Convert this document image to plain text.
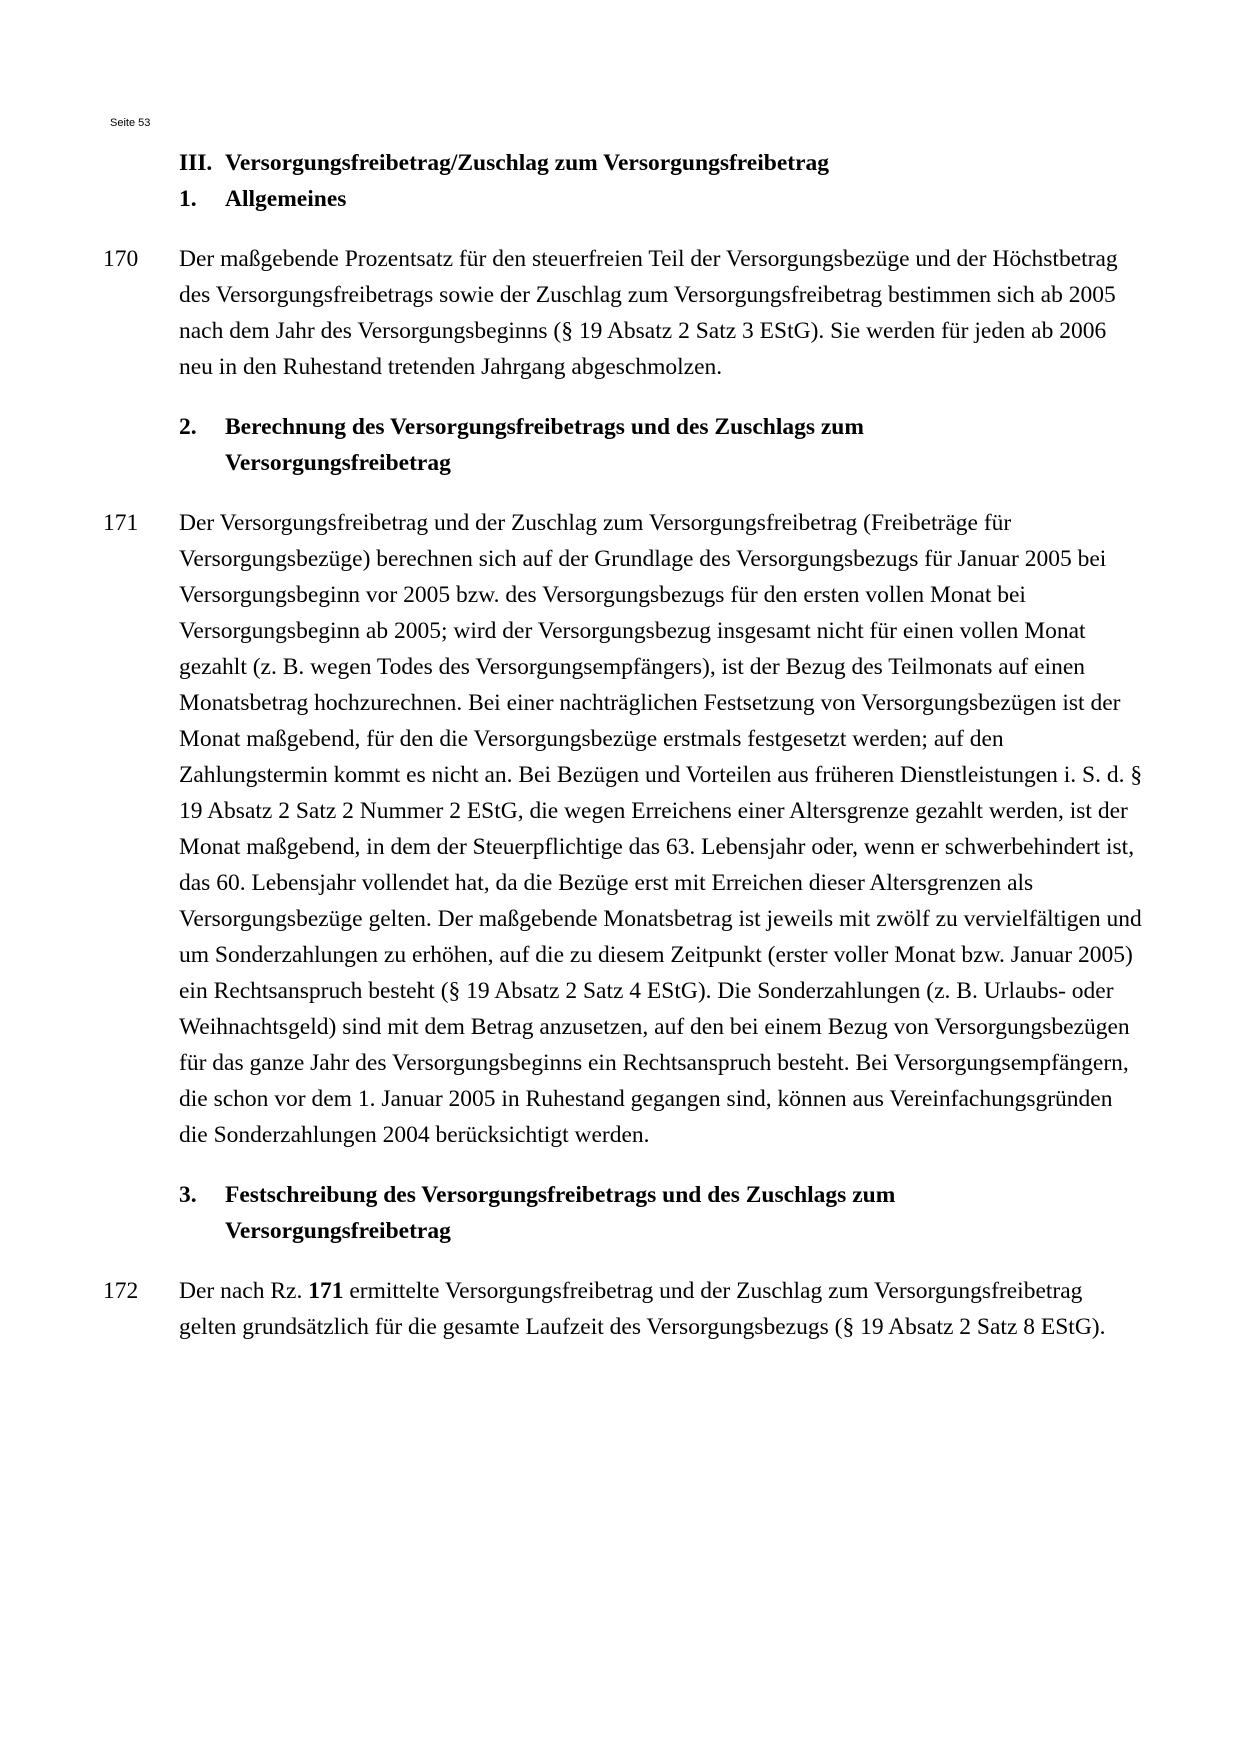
Seite 53
III. Versorgungsfreibetrag/Zuschlag zum Versorgungsfreibetrag
1.	Allgemeines
170	Der maßgebende Prozentsatz für den steuerfreien Teil der Versorgungsbezüge und der Höchstbetrag des Versorgungsfreibetrags sowie der Zuschlag zum Versorgungsfreibetrag bestimmen sich ab 2005 nach dem Jahr des Versorgungsbeginns (§ 19 Absatz 2 Satz 3 EStG). Sie werden für jeden ab 2006 neu in den Ruhestand tretenden Jahrgang abgeschmolzen.
2.	Berechnung des Versorgungsfreibetrags und des Zuschlags zum Versorgungsfreibetrag
171	Der Versorgungsfreibetrag und der Zuschlag zum Versorgungsfreibetrag (Freibeträge für Versorgungsbezüge) berechnen sich auf der Grundlage des Versorgungsbezugs für Januar 2005 bei Versorgungsbeginn vor 2005 bzw. des Versorgungsbezugs für den ersten vollen Monat bei Versorgungsbeginn ab 2005; wird der Versorgungsbezug insgesamt nicht für einen vollen Monat gezahlt (z. B. wegen Todes des Versorgungsempfängers), ist der Bezug des Teilmonats auf einen Monatsbetrag hochzurechnen. Bei einer nachträglichen Festsetzung von Versorgungsbezügen ist der Monat maßgebend, für den die Versorgungsbezüge erstmals festgesetzt werden; auf den Zahlungstermin kommt es nicht an. Bei Bezügen und Vorteilen aus früheren Dienstleistungen i. S. d. § 19 Absatz 2 Satz 2 Nummer 2 EStG, die wegen Erreichens einer Altersgrenze gezahlt werden, ist der Monat maßgebend, in dem der Steuerpflichtige das 63. Lebensjahr oder, wenn er schwerbehindert ist, das 60. Lebensjahr vollendet hat, da die Bezüge erst mit Erreichen dieser Altersgrenzen als Versorgungsbezüge gelten. Der maßgebende Monatsbetrag ist jeweils mit zwölf zu vervielfältigen und um Sonderzahlungen zu erhöhen, auf die zu diesem Zeitpunkt (erster voller Monat bzw. Januar 2005) ein Rechtsanspruch besteht (§ 19 Absatz 2 Satz 4 EStG). Die Sonderzahlungen (z. B. Urlaubs- oder Weihnachtsgeld) sind mit dem Betrag anzusetzen, auf den bei einem Bezug von Versorgungsbezügen für das ganze Jahr des Versorgungsbeginns ein Rechtsanspruch besteht. Bei Versorgungsempfängern, die schon vor dem 1. Januar 2005 in Ruhestand gegangen sind, können aus Vereinfachungsgründen die Sonderzahlungen 2004 berücksichtigt werden.
3.	Festschreibung des Versorgungsfreibetrags und des Zuschlags zum Versorgungsfreibetrag
172	Der nach Rz. 171 ermittelte Versorgungsfreibetrag und der Zuschlag zum Versorgungsfreibetrag gelten grundsätzlich für die gesamte Laufzeit des Versorgungsbezugs (§ 19 Absatz 2 Satz 8 EStG).
